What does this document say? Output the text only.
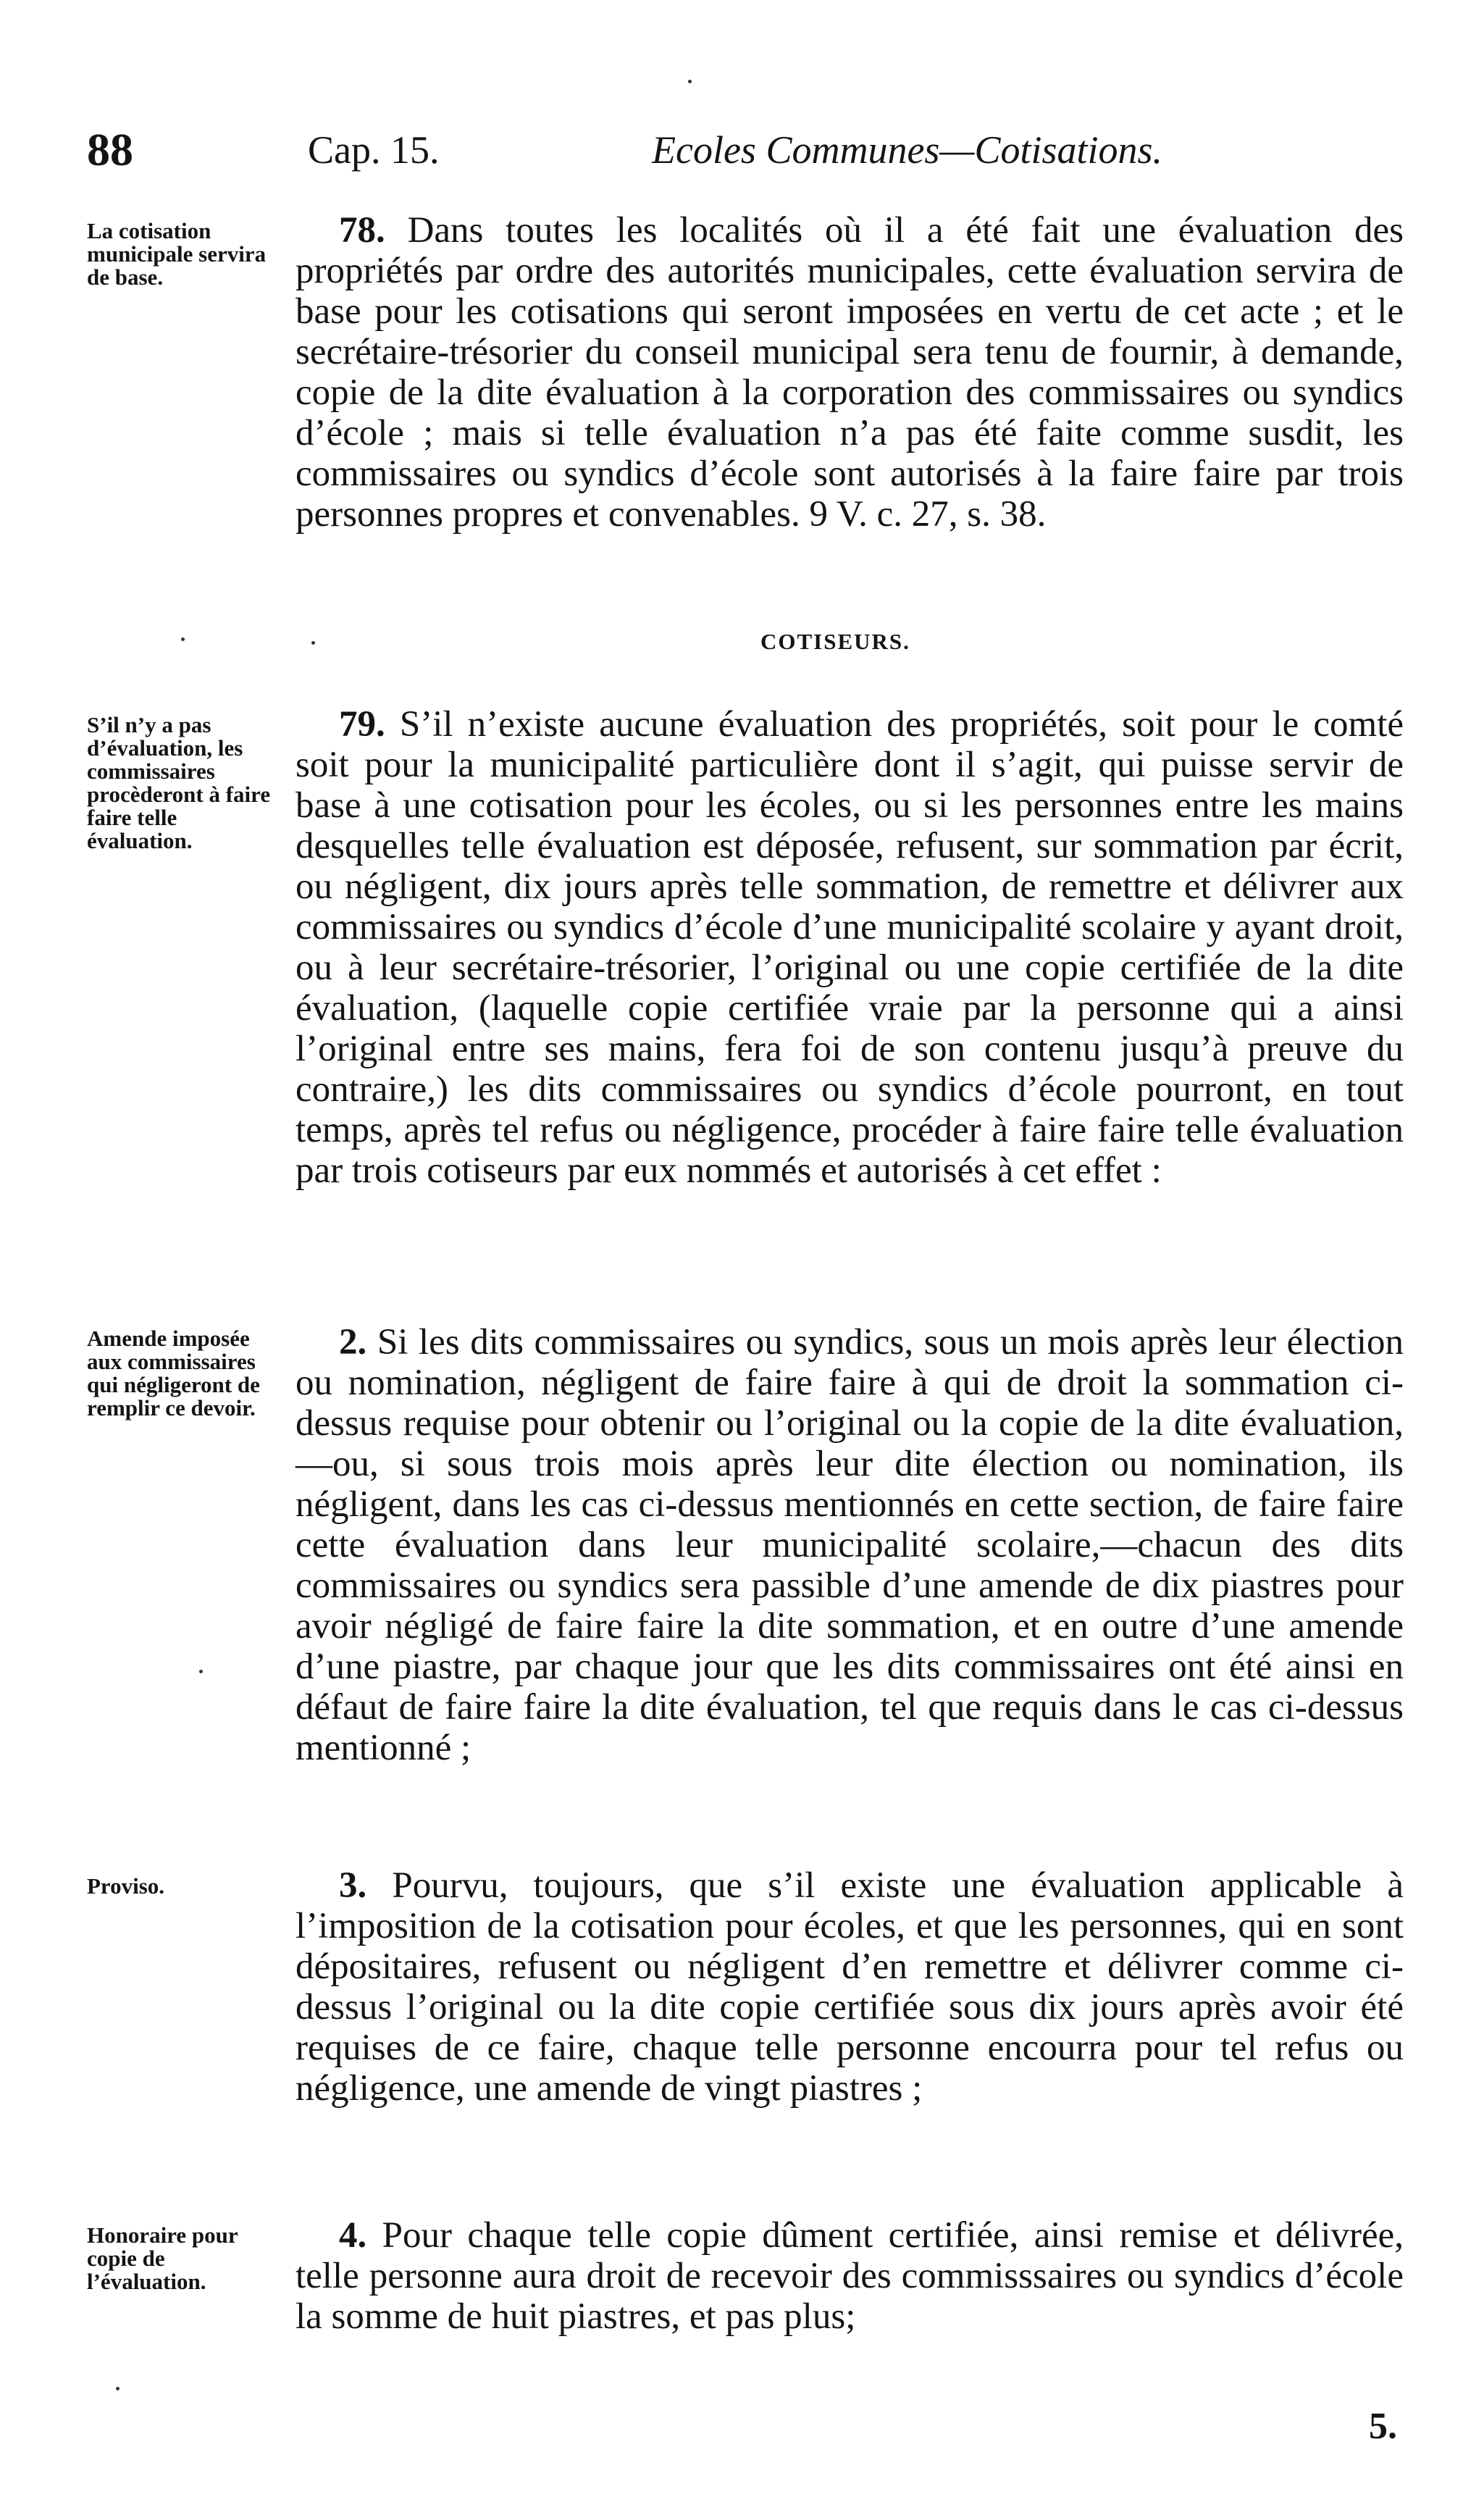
88	Cap. 15.	Ecoles Communes—Cotisations.
La cotisation municipale servira de base.
78. Dans toutes les localités où il a été fait une évaluation des propriétés par ordre des autorités municipales, cette évaluation servira de base pour les cotisations qui seront imposées en vertu de cet acte ; et le secrétaire-trésorier du conseil municipal sera tenu de fournir, à demande, copie de la dite évaluation à la corporation des commissaires ou syndics d’école ; mais si telle évaluation n’a pas été faite comme susdit, les commissaires ou syndics d’école sont autorisés à la faire faire par trois personnes propres et convenables. 9 V. c. 27, s. 38.
COTISEURS.
S’il n’y a pas d’évaluation, les commissaires procèderont à faire faire telle évaluation.
79. S’il n’existe aucune évaluation des propriétés, soit pour le comté soit pour la municipalité particulière dont il s’agit, qui puisse servir de base à une cotisation pour les écoles, ou si les personnes entre les mains desquelles telle évaluation est déposée, refusent, sur sommation par écrit, ou négligent, dix jours après telle sommation, de remettre et délivrer aux commissaires ou syndics d’école d’une municipalité scolaire y ayant droit, ou à leur secrétaire-trésorier, l’original ou une copie certifiée de la dite évaluation, (laquelle copie certifiée vraie par la personne qui a ainsi l’original entre ses mains, fera foi de son contenu jusqu’à preuve du contraire,) les dits commissaires ou syndics d’école pourront, en tout temps, après tel refus ou négligence, procéder à faire faire telle évaluation par trois cotiseurs par eux nommés et autorisés à cet effet :
Amende imposée aux commissaires qui négligeront de remplir ce devoir.
2. Si les dits commissaires ou syndics, sous un mois après leur élection ou nomination, négligent de faire faire à qui de droit la sommation ci-dessus requise pour obtenir ou l’original ou la copie de la dite évaluation,—ou, si sous trois mois après leur dite élection ou nomination, ils négligent, dans les cas ci-dessus mentionnés en cette section, de faire faire cette évaluation dans leur municipalité scolaire,—chacun des dits commissaires ou syndics sera passible d’une amende de dix piastres pour avoir négligé de faire faire la dite sommation, et en outre d’une amende d’une piastre, par chaque jour que les dits commissaires ont été ainsi en défaut de faire faire la dite évaluation, tel que requis dans le cas ci-dessus mentionné ;
Proviso.	3. Pourvu, toujours, que s’il existe une évaluation applicable à l’imposition de la cotisation pour écoles, et que les personnes, qui en sont dépositaires, refusent ou négligent d’en remettre et délivrer comme ci-dessus l’original ou la dite copie certifiée sous dix jours après avoir été requises de ce faire, chaque telle personne encourra pour tel refus ou négligence, une amende de vingt piastres ;
Honoraire pour copie de l’évaluation.
4. Pour chaque telle copie dûment certifiée, ainsi remise et délivrée, telle personne aura droit de recevoir des commisssaires ou syndics d’école la somme de huit piastres, et pas plus;
5.
